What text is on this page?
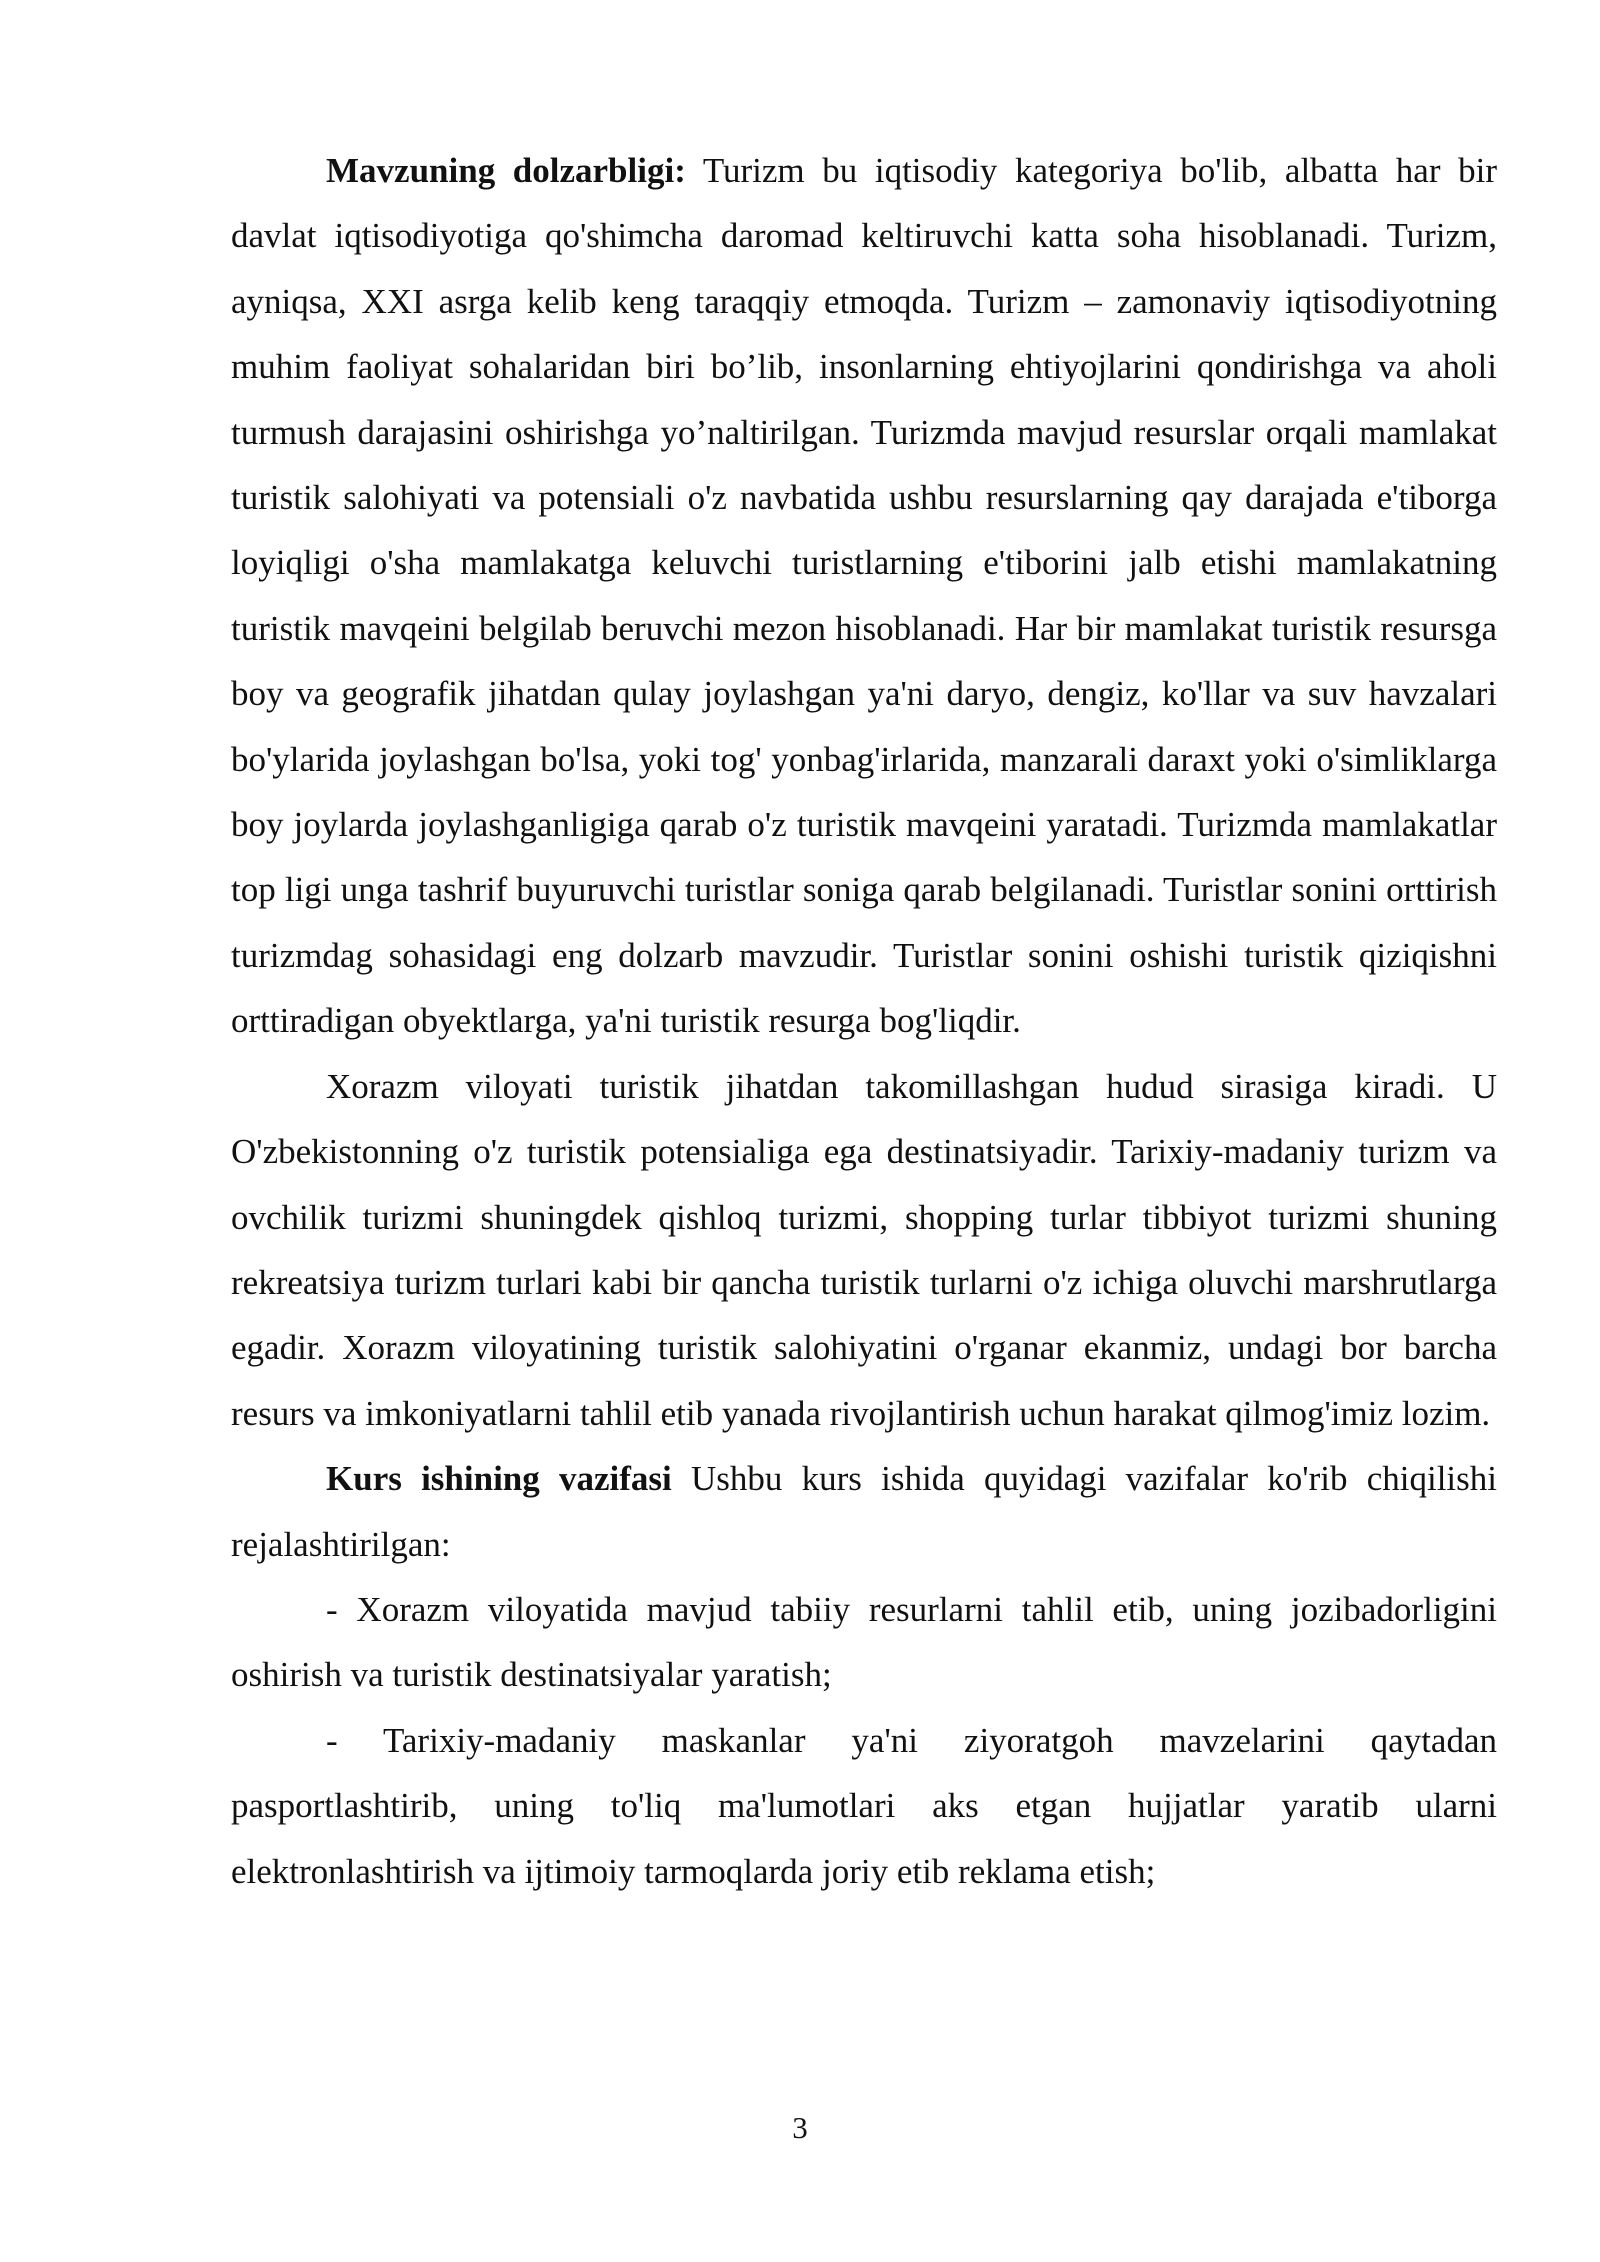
Mavzuning dolzarbligi: Turizm bu iqtisodiy kategoriya bo'lib, albatta har bir davlat iqtisodiyotiga qo'shimcha daromad keltiruvchi katta soha hisoblanadi. Turizm, ayniqsa, XXI asrga kelib keng taraqqiy etmoqda. Turizm – zamonaviy iqtisodiyotning muhim faoliyat sohalaridan biri bo’lib, insonlarning ehtiyojlarini qondirishga va aholi turmush darajasini oshirishga yo’naltirilgan. Turizmda mavjud resurslar orqali mamlakat turistik salohiyati va potensiali o'z navbatida ushbu resurslarning qay darajada e'tiborga loyiqligi o'sha mamlakatga keluvchi turistlarning e'tiborini jalb etishi mamlakatning turistik mavqeini belgilab beruvchi mezon hisoblanadi. Har bir mamlakat turistik resursga boy va geografik jihatdan qulay joylashgan ya'ni daryo, dengiz, ko'llar va suv havzalari bo'ylarida joylashgan bo'lsa, yoki tog' yonbag'irlarida, manzarali daraxt yoki o'simliklarga boy joylarda joylashganligiga qarab o'z turistik mavqeini yaratadi. Turizmda mamlakatlar top ligi unga tashrif buyuruvchi turistlar soniga qarab belgilanadi. Turistlar sonini orttirish turizmdag sohasidagi eng dolzarb mavzudir. Turistlar sonini oshishi turistik qiziqishni orttiradigan obyektlarga, ya'ni turistik resurga bog'liqdir.

Xorazm viloyati turistik jihatdan takomillashgan hudud sirasiga kiradi. U O'zbekistonning o'z turistik potensialiga ega destinatsiyadir. Tarixiy-madaniy turizm va ovchilik turizmi shuningdek qishloq turizmi, shopping turlar tibbiyot turizmi shuning rekreatsiya turizm turlari kabi bir qancha turistik turlarni o'z ichiga oluvchi marshrutlarga egadir. Xorazm viloyatining turistik salohiyatini o'rganar ekanmiz, undagi bor barcha resurs va imkoniyatlarni tahlil etib yanada rivojlantirish uchun harakat qilmog'imiz lozim.

Kurs ishining vazifasi Ushbu kurs ishida quyidagi vazifalar ko'rib chiqilishi rejalashtirilgan:

- Xorazm viloyatida mavjud tabiiy resurlarni tahlil etib, uning jozibadorligini oshirish va turistik destinatsiyalar yaratish;

- Tarixiy-madaniy maskanlar ya'ni ziyoratgoh mavzelarini qaytadan pasportlashtirib, uning to'liq ma'lumotlari aks etgan hujjatlar yaratib ularni elektronlashtirish va ijtimoiy tarmoqlarda joriy etib reklama etish;

3
